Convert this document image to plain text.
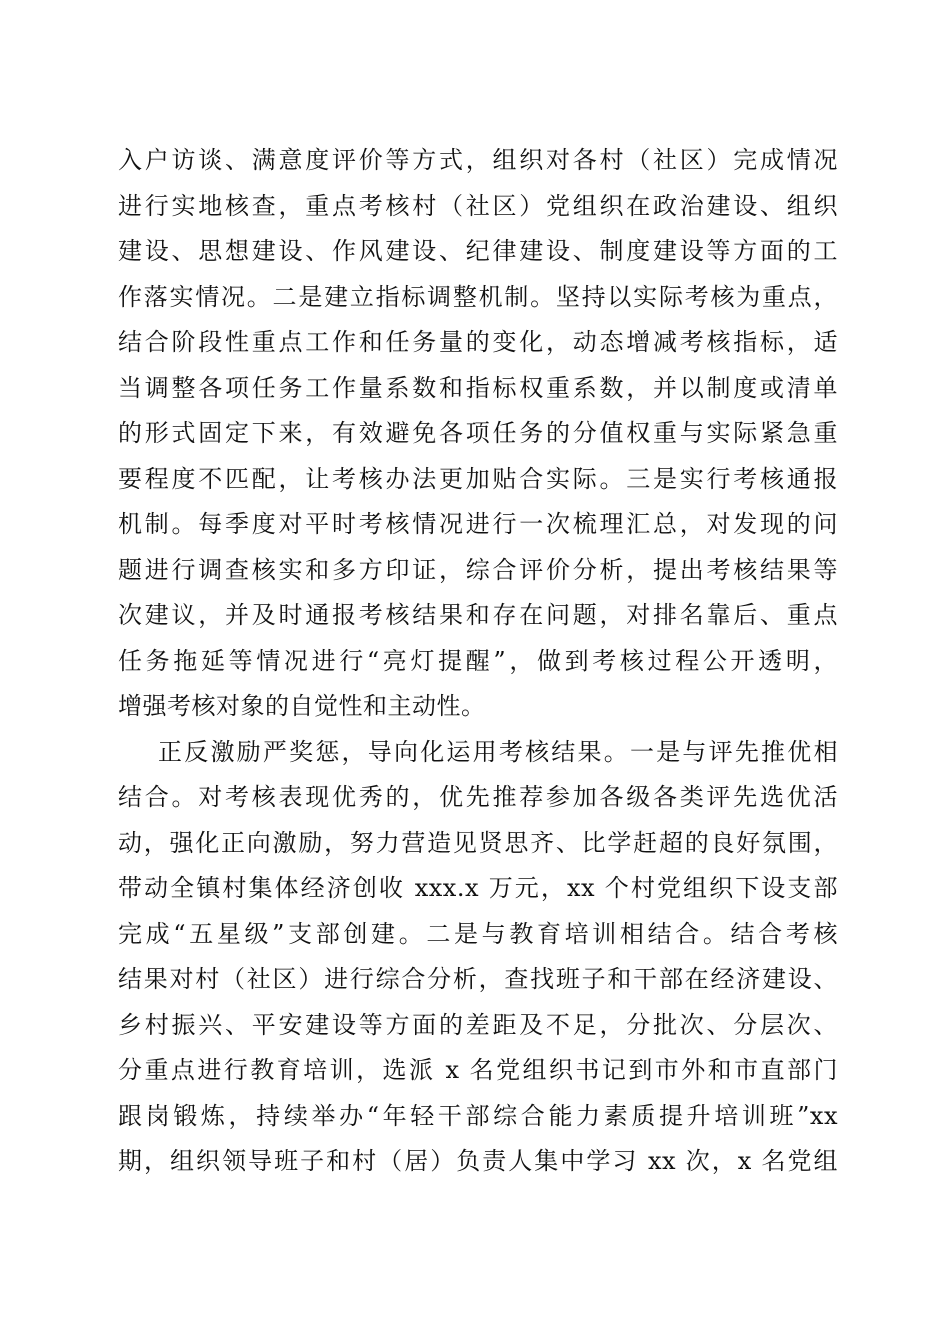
入户访谈、满意度评价等方式，组织对各村（社区）完成情况
进行实地核查，重点考核村（社区）党组织在政治建设、组织
建设、思想建设、作风建设、纪律建设、制度建设等方面的工
作落实情况。二是建立指标调整机制。坚持以实际考核为重点，
结合阶段性重点工作和任务量的变化，动态增减考核指标，适
当调整各项任务工作量系数和指标权重系数，并以制度或清单
的形式固定下来，有效避免各项任务的分值权重与实际紧急重
要程度不匹配，让考核办法更加贴合实际。三是实行考核通报
机制。每季度对平时考核情况进行一次梳理汇总，对发现的问
题进行调查核实和多方印证，综合评价分析，提出考核结果等
次建议，并及时通报考核结果和存在问题，对排名靠后、重点
任务拖延等情况进行“亮灯提醒”，做到考核过程公开透明，
增强考核对象的自觉性和主动性。
正反激励严奖惩，导向化运用考核结果。一是与评先推优相
结合。对考核表现优秀的，优先推荐参加各级各类评先选优活
动，强化正向激励，努力营造见贤思齐、比学赶超的良好氛围，
带动全镇村集体经济创收 xxx.x 万元，xx 个村党组织下设支部
完成“五星级”支部创建。二是与教育培训相结合。结合考核
结果对村（社区）进行综合分析，查找班子和干部在经济建设、
乡村振兴、平安建设等方面的差距及不足，分批次、分层次、
分重点进行教育培训，选派 x 名党组织书记到市外和市直部门
跟岗锻炼，持续举办“年轻干部综合能力素质提升培训班”xx
期，组织领导班子和村（居）负责人集中学习 xx 次，x 名党组
